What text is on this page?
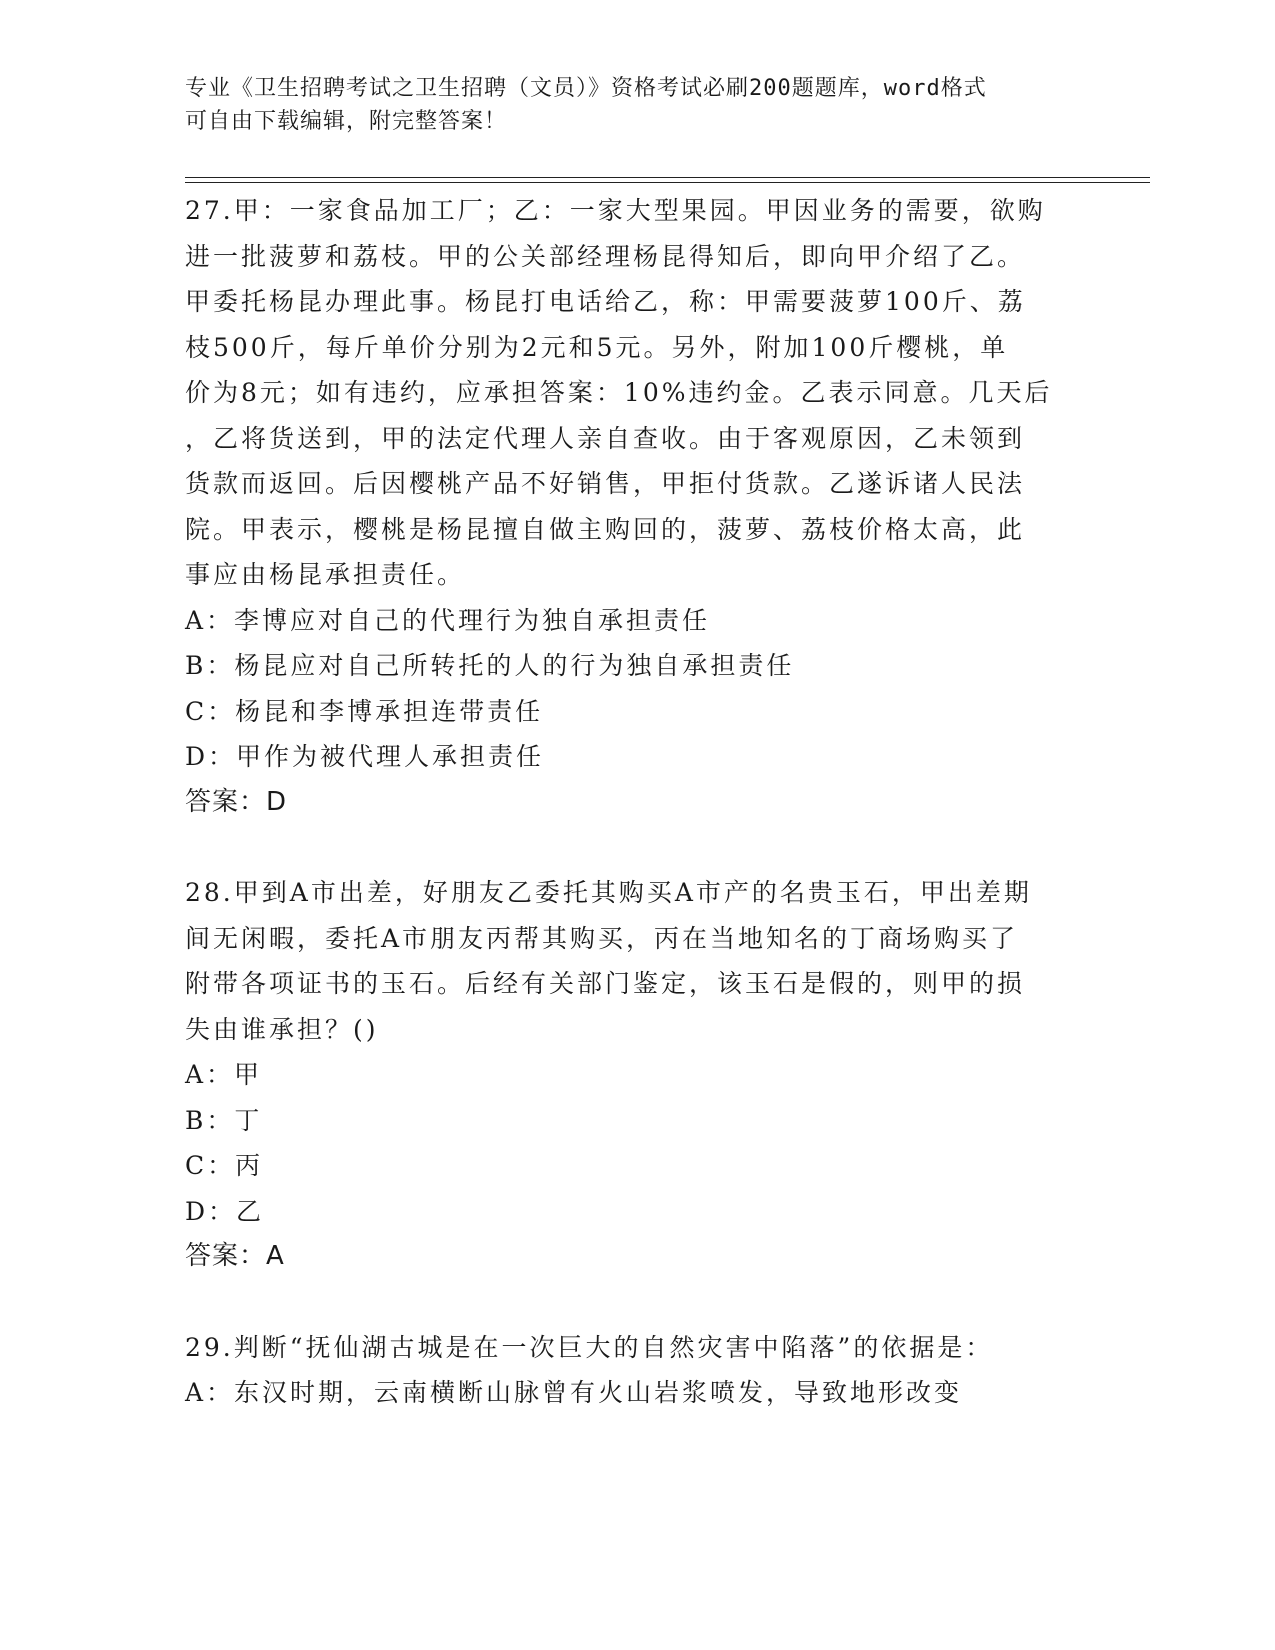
专业《卫生招聘考试之卫生招聘（文员）》资格考试必刷200题题库，word格式
可自由下载编辑，附完整答案！

27.甲：一家食品加工厂；乙：一家大型果园。甲因业务的需要，欲购

进一批菠萝和荔枝。甲的公关部经理杨昆得知后，即向甲介绍了乙。

甲委托杨昆办理此事。杨昆打电话给乙，称：甲需要菠萝100斤、荔

枝500斤，每斤单价分别为2元和5元。另外，附加100斤樱桃，单

价为8元；如有违约，应承担答案：10%违约金。乙表示同意。几天后

，乙将货送到，甲的法定代理人亲自查收。由于客观原因，乙未领到

货款而返回。后因樱桃产品不好销售，甲拒付货款。乙遂诉诸人民法

院。甲表示，樱桃是杨昆擅自做主购回的，菠萝、荔枝价格太高，此

事应由杨昆承担责任。

A：李博应对自己的代理行为独自承担责任

B：杨昆应对自己所转托的人的行为独自承担责任

C：杨昆和李博承担连带责任

D：甲作为被代理人承担责任

答案：D

28.甲到A市出差，好朋友乙委托其购买A市产的名贵玉石，甲出差期

间无闲暇，委托A市朋友丙帮其购买，丙在当地知名的丁商场购买了

附带各项证书的玉石。后经有关部门鉴定，该玉石是假的，则甲的损

失由谁承担？()

A：甲

B：丁

C：丙

D：乙

答案：A

29.判断“抚仙湖古城是在一次巨大的自然灾害中陷落”的依据是：

A：东汉时期，云南横断山脉曾有火山岩浆喷发，导致地形改变
